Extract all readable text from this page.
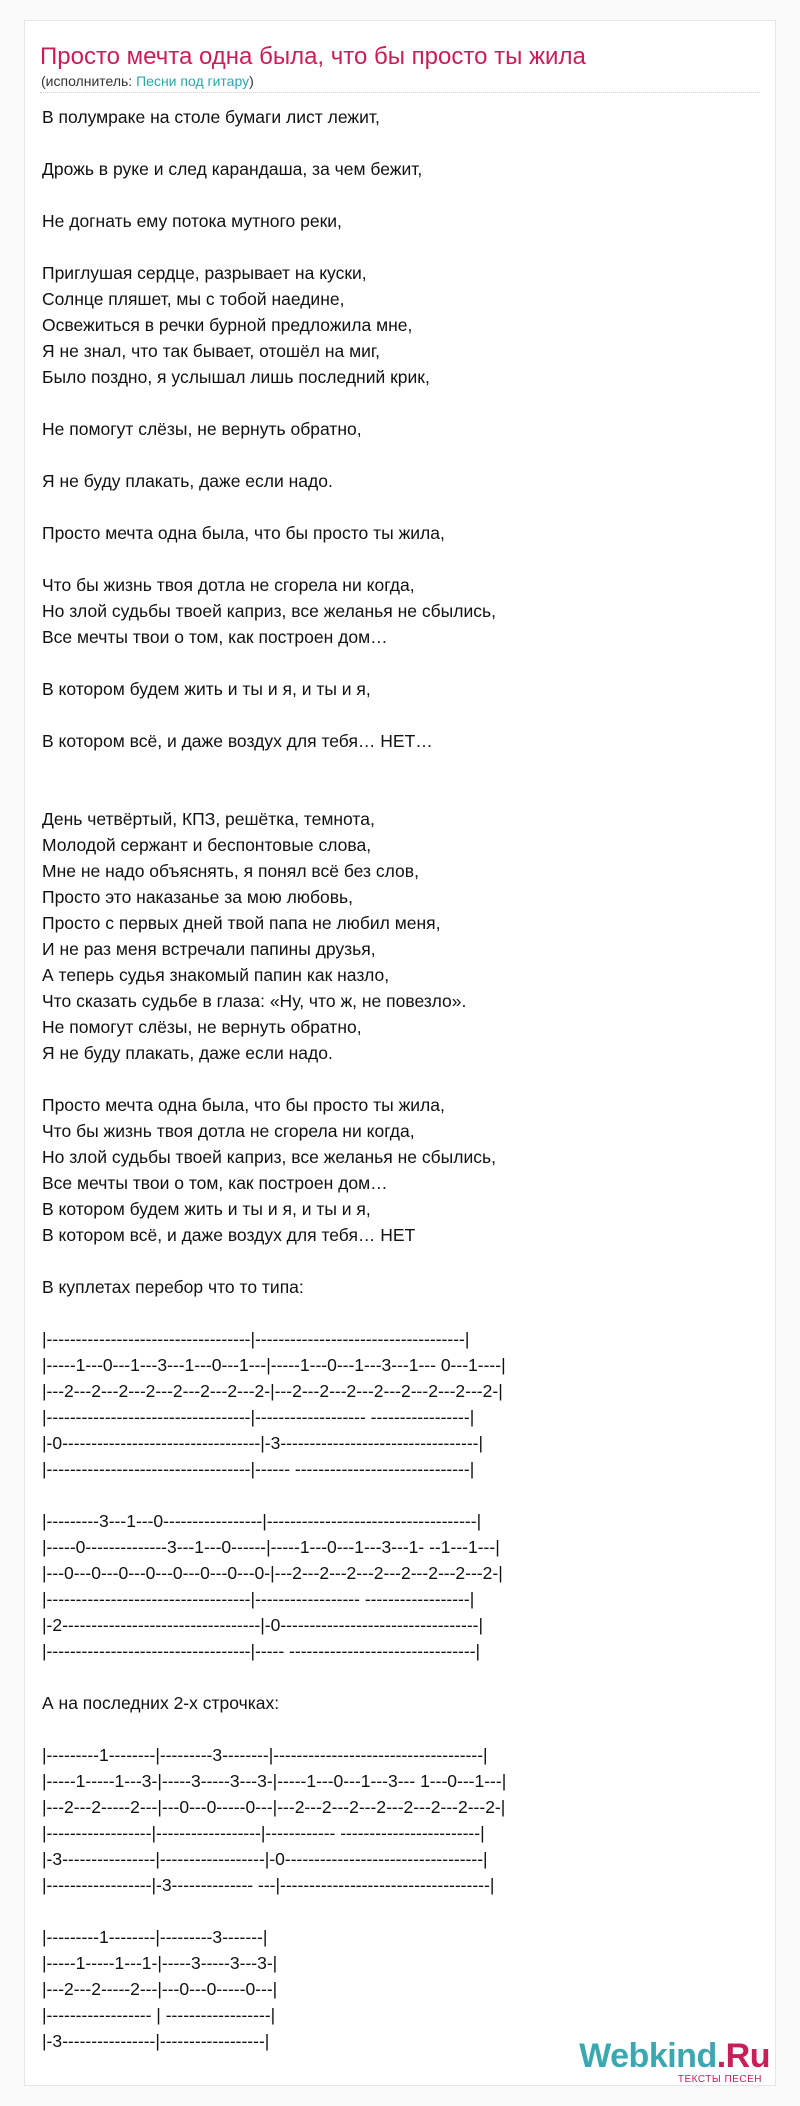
Просто мечта одна была, что бы просто ты жила
(исполнитель: Песни под гитару)
В полумраке на столе бумаги лист лежит,
Дрожь в руке и след карандаша, за чем бежит,
Не догнать ему потока мутного реки,
Приглушая сердце, разрывает на куски,
Солнце пляшет, мы с тобой наедине,
Освежиться в речки бурной предложила мне,
Я не знал, что так бывает, отошёл на миг,
Было поздно, я услышал лишь последний крик,
Не помогут слёзы, не вернуть обратно,
Я не буду плакать, даже если надо.
Просто мечта одна была, что бы просто ты жила,
Что бы жизнь твоя дотла не сгорела ни когда,
Но злой судьбы твоей каприз, все желанья не сбылись,
Все мечты твои о том, как построен дом…
В котором будем жить и ты и я, и ты и я,
В котором всё, и даже воздух для тебя… НЕТ…
День четвёртый, КПЗ, решётка, темнота,
Молодой сержант и беспонтовые слова,
Мне не надо объяснять, я понял всё без слов,
Просто это наказанье за мою любовь,
Просто с первых дней твой папа не любил меня,
И не раз меня встречали папины друзья,
А теперь судья знакомый папин как назло,
Что сказать судьбе в глаза: «Ну, что ж, не повезло».
Не помогут слёзы, не вернуть обратно,
Я не буду плакать, даже если надо.
Просто мечта одна была, что бы просто ты жила,
Что бы жизнь твоя дотла не сгорела ни когда,
Но злой судьбы твоей каприз, все желанья не сбылись,
Все мечты твои о том, как построен дом…
В котором будем жить и ты и я, и ты и я,
В котором всё, и даже воздух для тебя… НЕТ
В куплетах перебор что то типа:
|-----------------------------------|------------------------------------|
|-----1---0---1---3---1---0---1---|-----1---0---1---3---1--- 0---1----|
|---2---2---2---2---2---2---2---2-|---2---2---2---2---2---2---2---2-|
|-----------------------------------|------------------- -----------------|
|-0----------------------------------|-3----------------------------------|
|-----------------------------------|------ ------------------------------|
|---------3---1---0-----------------|------------------------------------|
|-----0--------------3---1---0------|-----1---0---1---3---1- --1---1---|
|---0---0---0---0---0---0---0---0-|---2---2---2---2---2---2---2---2-|
|-----------------------------------|------------------ ------------------|
|-2----------------------------------|-0----------------------------------|
|-----------------------------------|----- --------------------------------|
А на последних 2-х строчках:
|---------1--------|---------3--------|------------------------------------|
|-----1-----1---3-|-----3-----3---3-|-----1---0---1---3--- 1---0---1---|
|---2---2-----2---|---0---0-----0---|---2---2---2---2---2---2---2---2-|
|------------------|------------------|------------ ------------------------|
|-3----------------|------------------|-0----------------------------------|
|------------------|-3-------------- ---|------------------------------------|
|---------1--------|---------3-------|
|-----1-----1---1-|-----3-----3---3-|
|---2---2-----2---|---0---0-----0---|
|------------------ | ------------------|
|-3----------------|------------------|	Webkind.Ru
ТЕКСТЫ ПЕСЕН
